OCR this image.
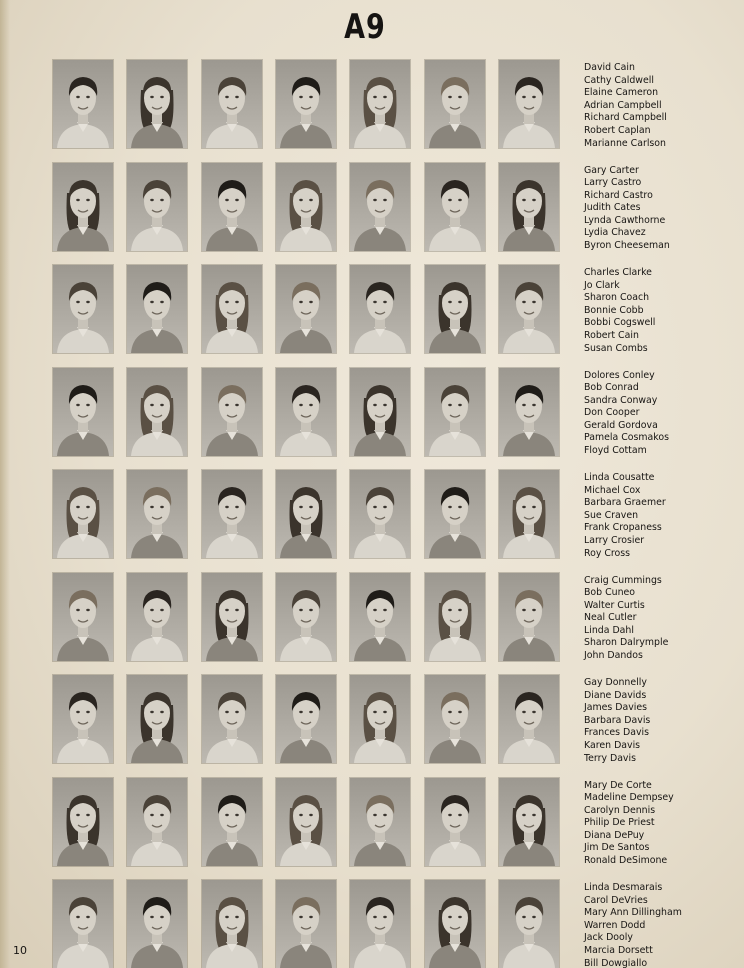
A9
David Cain
Cathy Caldwell
Elaine Cameron
Adrian Campbell
Richard Campbell
Robert Caplan
Marianne Carlson
Gary Carter
Larry Castro
Richard Castro
Judith Cates
Lynda Cawthorne
Lydia Chavez
Byron Cheeseman
Charles Clarke
Jo Clark
Sharon Coach
Bonnie Cobb
Bobbi Cogswell
Robert Cain
Susan Combs
Dolores Conley
Bob Conrad
Sandra Conway
Don Cooper
Gerald Gordova
Pamela Cosmakos
Floyd Cottam
Linda Cousatte
Michael Cox
Barbara Graemer
Sue Craven
Frank Cropaness
Larry Crosier
Roy Cross
Craig Cummings
Bob Cuneo
Walter Curtis
Neal Cutler
Linda Dahl
Sharon Dalrymple
John Dandos
Gay Donnelly
Diane Davids
James Davies
Barbara Davis
Frances Davis
Karen Davis
Terry Davis
Mary De Corte
Madeline Dempsey
Carolyn Dennis
Philip De Priest
Diana DePuy
Jim De Santos
Ronald DeSimone
Linda Desmarais
Carol DeVries
Mary Ann Dillingham
Warren Dodd
Jack Dooly
Marcia Dorsett
Bill Dowgiallo
10
